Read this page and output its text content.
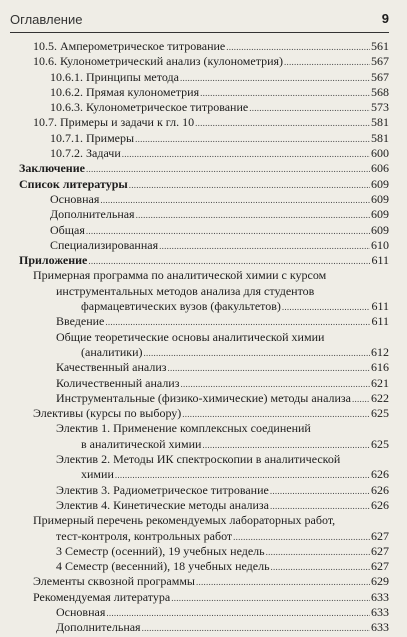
Оглавление	9
10.5. Амперометрическое титрование . . .	561
10.6. Кулонометрический анализ (кулонометрия) . . .	567
10.6.1. Принципы метода . . .	567
10.6.2. Прямая кулонометрия . . .	568
10.6.3. Кулонометрическое титрование . . .	573
10.7. Примеры и задачи к гл. 10 . . .	581
10.7.1. Примеры . . .	581
10.7.2. Задачи . . .	600
Заключение . . .	606
Список литературы . . .	609
Основная . . .	609
Дополнительная . . .	609
Общая . . .	609
Специализированная . . .	610
Приложение . . .	611
Примерная программа по аналитической химии с курсом
инструментальных методов анализа для студентов
фармацевтических вузов (факультетов) . . .	611
Введение . . .	611
Общие теоретические основы аналитической химии
(аналитики) . . .	612
Качественный анализ . . .	616
Количественный анализ . . .	621
Инструментальные (физико-химические) методы анализа . . . 622
Элективы (курсы по выбору) . . .	625
Электив 1. Применение комплексных соединений
в аналитической химии . . .	625
Электив 2. Методы ИК спектроскопии в аналитической
химии . . .	626
Электив 3. Радиометрическое титрование . . .	626
Электив 4. Кинетические методы анализа . . .	626
Примерный перечень рекомендуемых лабораторных работ,
тест-контроля, контрольных работ . . .	627
3 Семестр (осенний), 19 учебных недель . . .	627
4 Семестр (весенний), 18 учебных недель . . .	627
Элементы сквозной программы . . .	629
Рекомендуемая литература . . .	633
Основная . . .	633
Дополнительная . . .	633
